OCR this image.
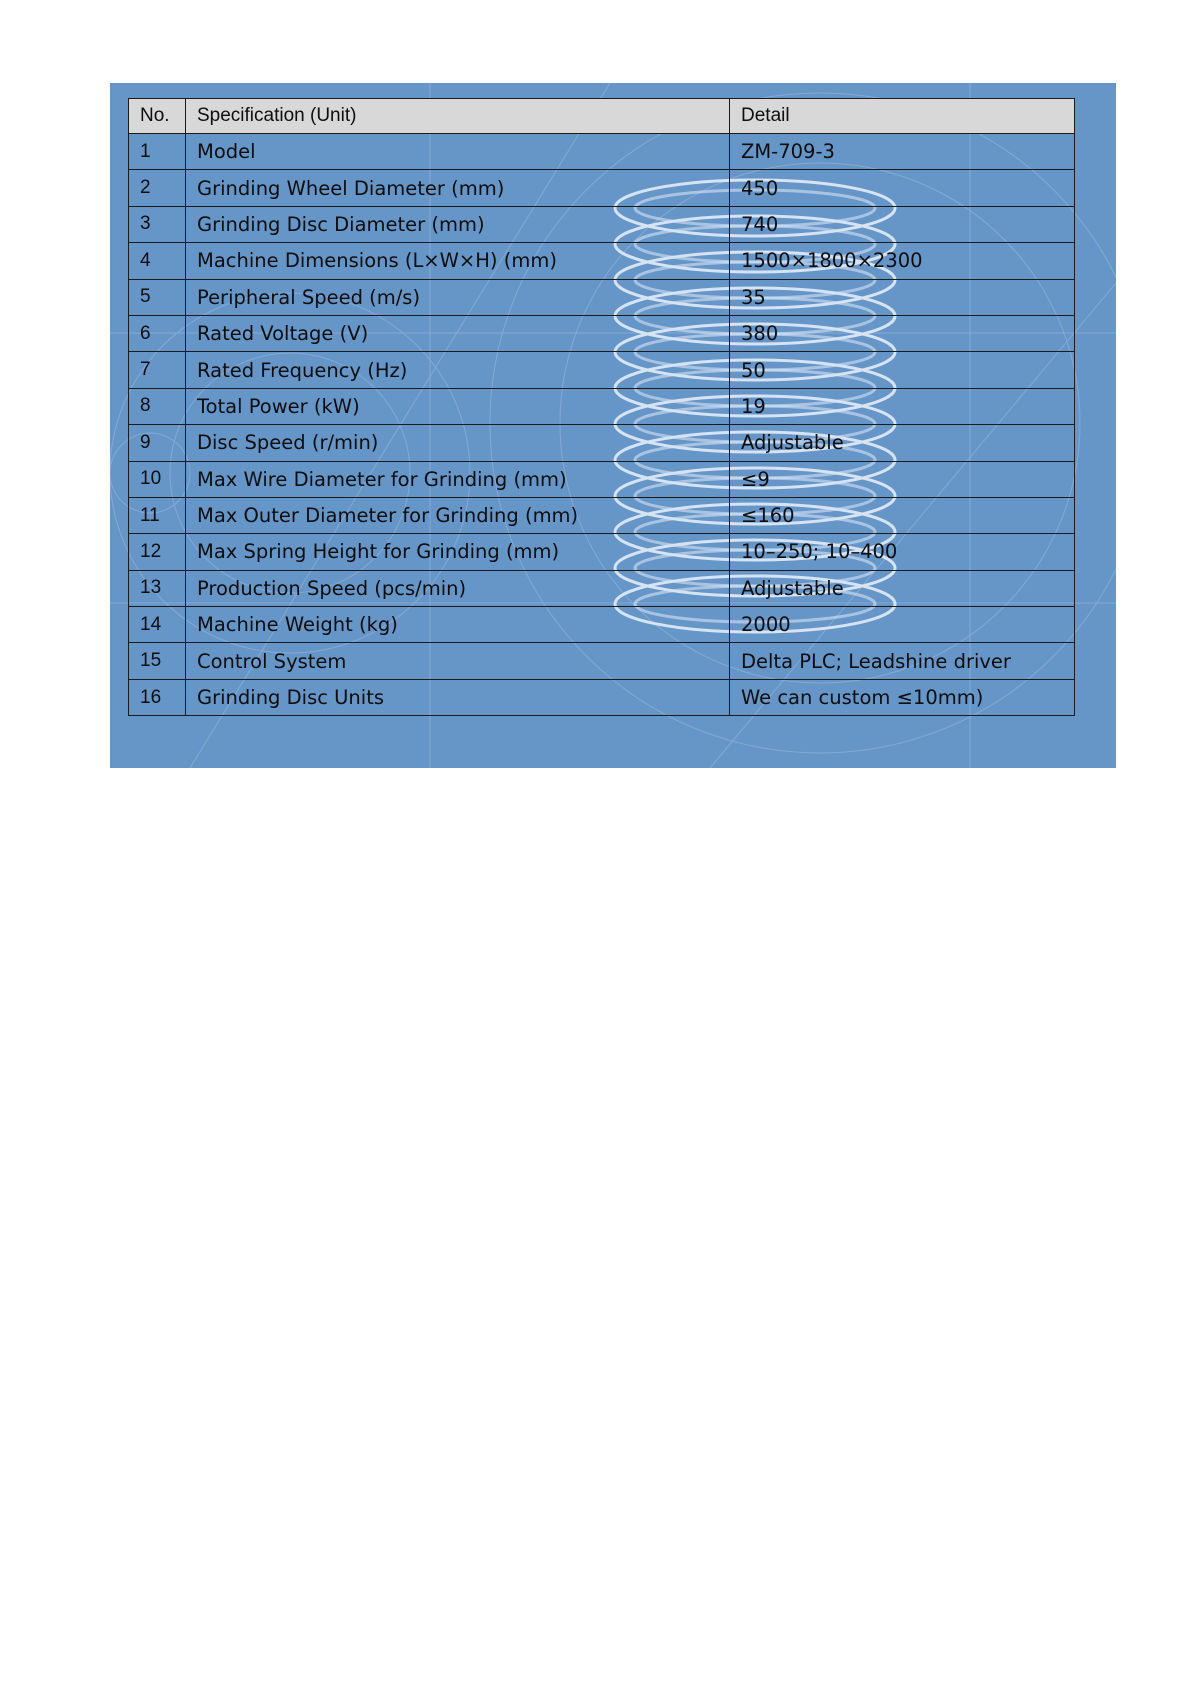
No.	Specification (Unit)	Detail
1	Model	ZM-709-3
2	Grinding Wheel Diameter (mm)	450
3	Grinding Disc Diameter (mm)	740
4	Machine Dimensions (L×W×H) (mm)	1500×1800×2300
5	Peripheral Speed (m/s)	35
6	Rated Voltage (V)	380
7	Rated Frequency (Hz)	50
8	Total Power (kW)	19
9	Disc Speed (r/min)	Adjustable
10	Max Wire Diameter for Grinding (mm)	≤9
11	Max Outer Diameter for Grinding (mm)	≤160
12	Max Spring Height for Grinding (mm)	10–250; 10–400
13	Production Speed (pcs/min)	Adjustable
14	Machine Weight (kg)	2000
15	Control System	Delta PLC; Leadshine driver
16	Grinding Disc Units	We can custom ≤10mm)
